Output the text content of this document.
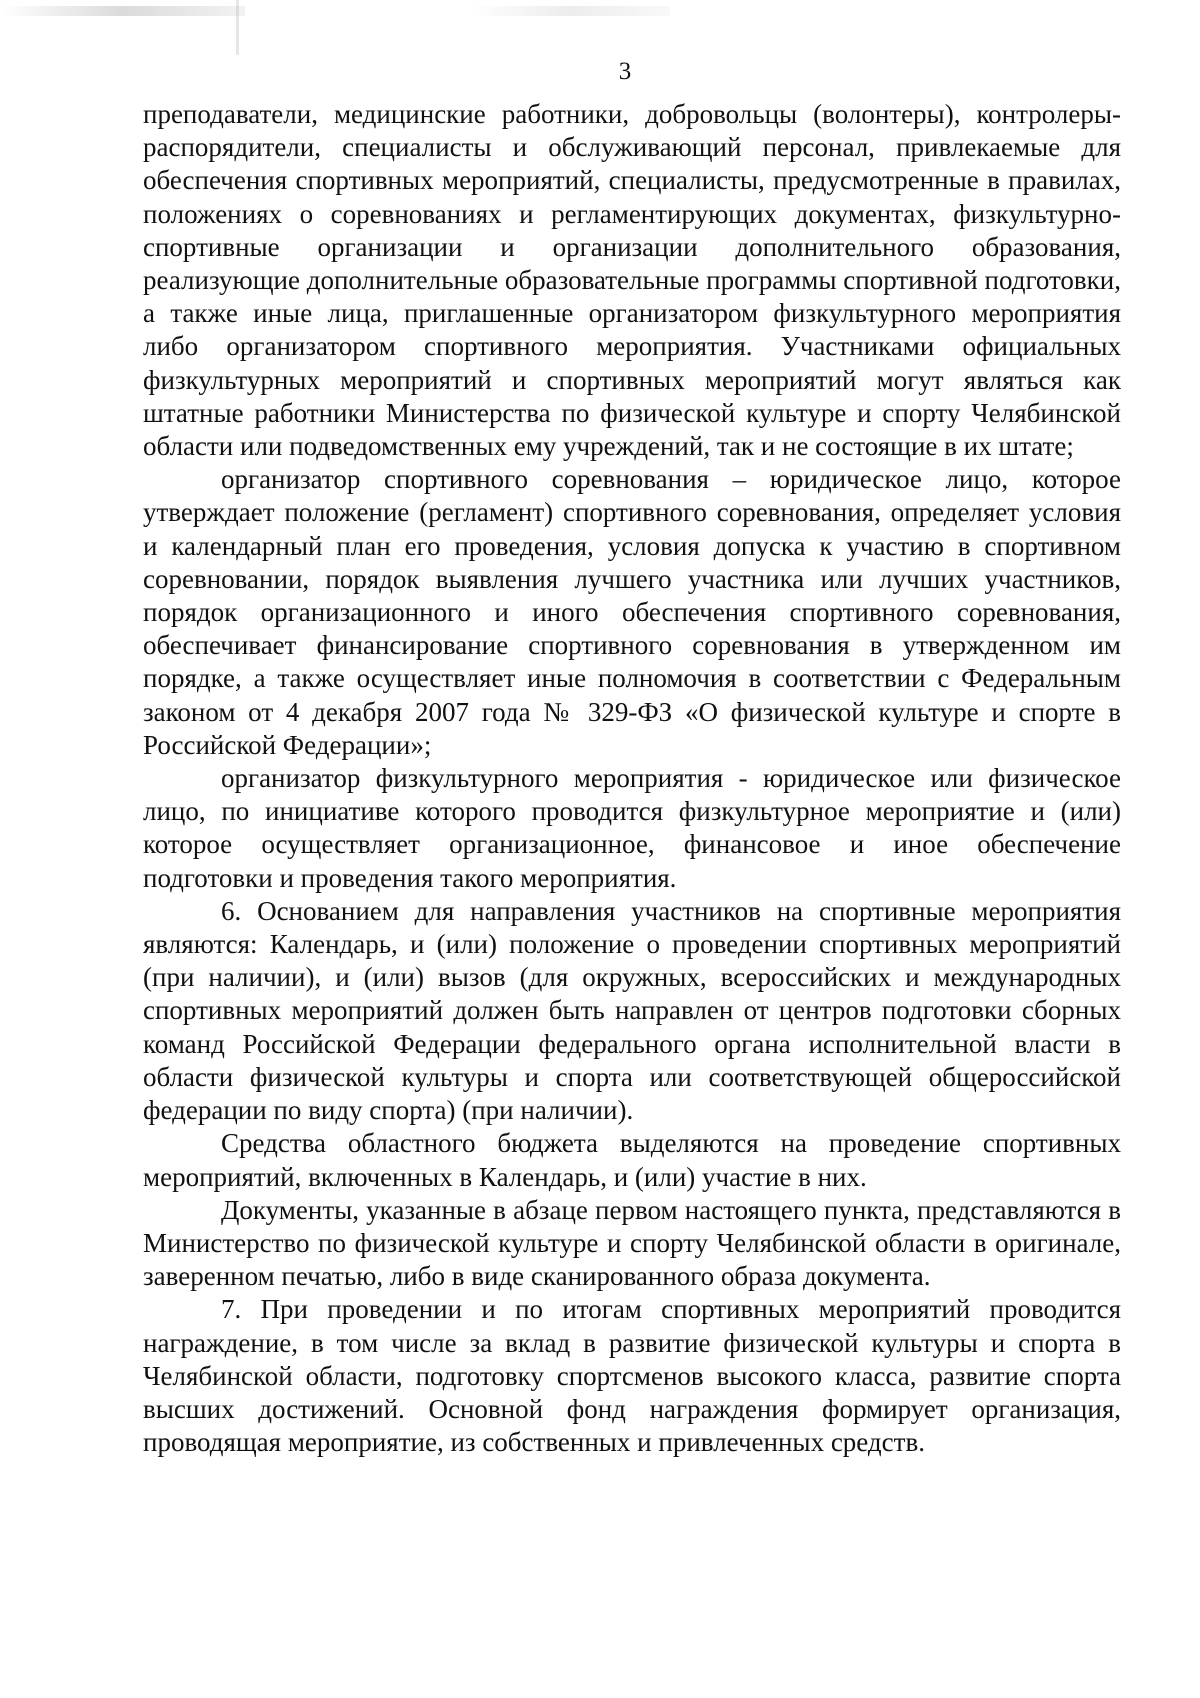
3

преподаватели, медицинские работники, добровольцы (волонтеры), контролеры-распорядители, специалисты и обслуживающий персонал, привлекаемые для обеспечения спортивных мероприятий, специалисты, предусмотренные в правилах, положениях о соревнованиях и регламентирующих документах, физкультурно-спортивные организации и организации дополнительного образования, реализующие дополнительные образовательные программы спортивной подготовки, а также иные лица, приглашенные организатором физкультурного мероприятия либо организатором спортивного мероприятия. Участниками официальных физкультурных мероприятий и спортивных мероприятий могут являться как штатные работники Министерства по физической культуре и спорту Челябинской области или подведомственных ему учреждений, так и не состоящие в их штате;

организатор спортивного соревнования – юридическое лицо, которое утверждает положение (регламент) спортивного соревнования, определяет условия и календарный план его проведения, условия допуска к участию в спортивном соревновании, порядок выявления лучшего участника или лучших участников, порядок организационного и иного обеспечения спортивного соревнования, обеспечивает финансирование спортивного соревнования в утвержденном им порядке, а также осуществляет иные полномочия в соответствии с Федеральным законом от 4 декабря 2007 года № 329-ФЗ «О физической культуре и спорте в Российской Федерации»;

организатор физкультурного мероприятия - юридическое или физическое лицо, по инициативе которого проводится физкультурное мероприятие и (или) которое осуществляет организационное, финансовое и иное обеспечение подготовки и проведения такого мероприятия.

6. Основанием для направления участников на спортивные мероприятия являются: Календарь, и (или) положение о проведении спортивных мероприятий (при наличии), и (или) вызов (для окружных, всероссийских и международных спортивных мероприятий должен быть направлен от центров подготовки сборных команд Российской Федерации федерального органа исполнительной власти в области физической культуры и спорта или соответствующей общероссийской федерации по виду спорта) (при наличии).

Средства областного бюджета выделяются на проведение спортивных мероприятий, включенных в Календарь, и (или) участие в них.

Документы, указанные в абзаце первом настоящего пункта, представляются в Министерство по физической культуре и спорту Челябинской области в оригинале, заверенном печатью, либо в виде сканированного образа документа.

7. При проведении и по итогам спортивных мероприятий проводится награждение, в том числе за вклад в развитие физической культуры и спорта в Челябинской области, подготовку спортсменов высокого класса, развитие спорта высших достижений. Основной фонд награждения формирует организация, проводящая мероприятие, из собственных и привлеченных средств.
